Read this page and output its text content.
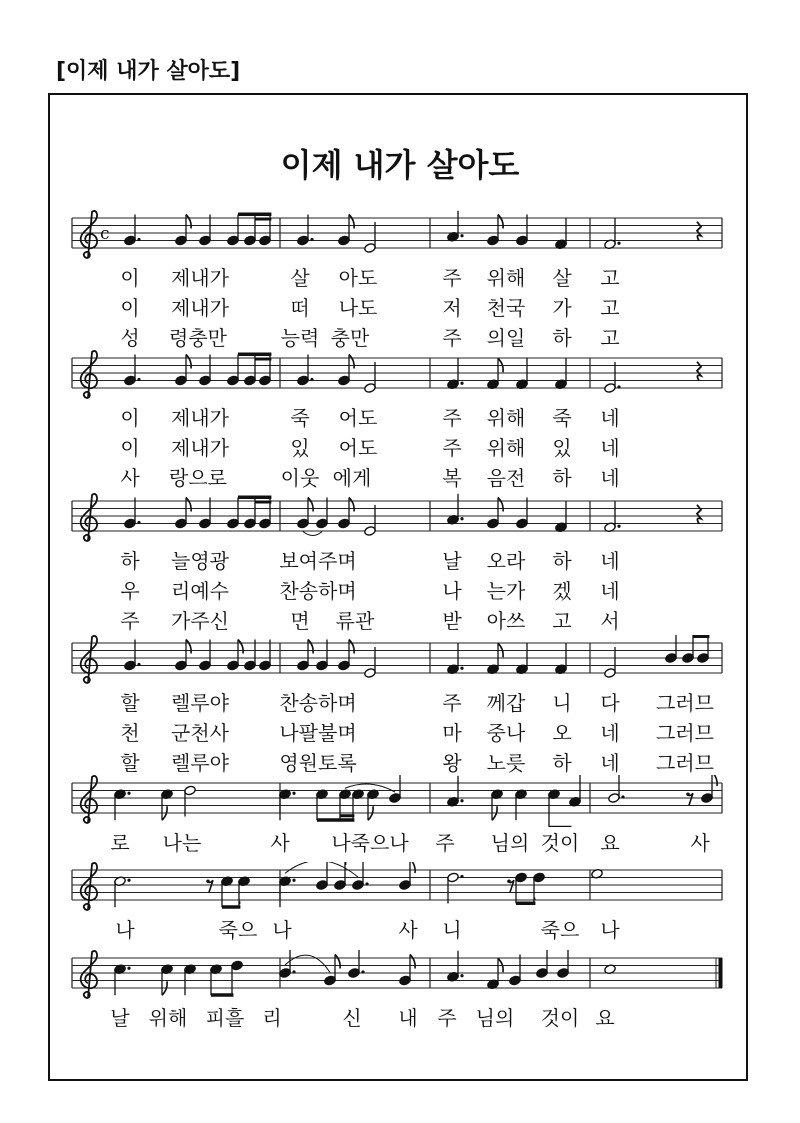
[이제 내가 살아도]
이제 내가 살아도
c
이 제내가	살 아도	주 위해 살 고
이 제내가	떠 나도	저 천국 가 고
성 령충만	능력 충만	주 의일 하 고
이 제내가	죽 어도	주 위해 죽 네
이 제내가	있 어도	주 위해 있 네
사 랑으로	이웃 에게	복 음전 하 네
하 늘영광	보여주며	날 오라 하 네
우 리예수	찬송하며	나 는가 겠 네
주 가주신	면 류관	받 아쓰 고 서
할 렐루야	찬송하며	주 께갑 니 다 그러므
천 군천사	나팔불며	마 중나 오 네 그러므
할 렐루야	영원토록	왕 노릇 하 네 그러므
로 나는	사 나죽으나 주 님의 것이 요	사
나	죽으 나	사 니	죽으 나
날 위해 피흘 리	신 내 주 님의 것이 요
